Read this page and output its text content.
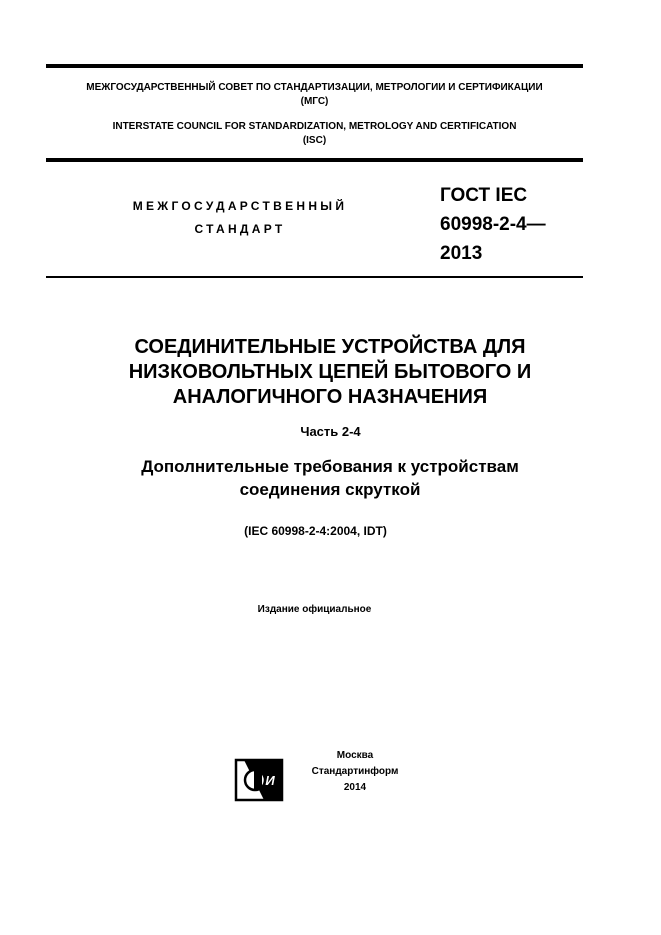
МЕЖГОСУДАРСТВЕННЫЙ СОВЕТ ПО СТАНДАРТИЗАЦИИ, МЕТРОЛОГИИ И СЕРТИФИКАЦИИ
(МГС)
INTERSTATE COUNCIL FOR STANDARDIZATION, METROLOGY AND CERTIFICATION
(ISC)
МЕЖГОСУДАРСТВЕННЫЙ
СТАНДАРТ
ГОСТ IEC
60998-2-4—
2013
СОЕДИНИТЕЛЬНЫЕ УСТРОЙСТВА ДЛЯ
НИЗКОВОЛЬТНЫХ ЦЕПЕЙ БЫТОВОГО И
АНАЛОГИЧНОГО НАЗНАЧЕНИЯ
Часть 2-4
Дополнительные требования к устройствам
соединения скруткой
(IEC 60998-2-4:2004, IDT)
Издание официальное
И
Москва
Стандартинформ
2014
